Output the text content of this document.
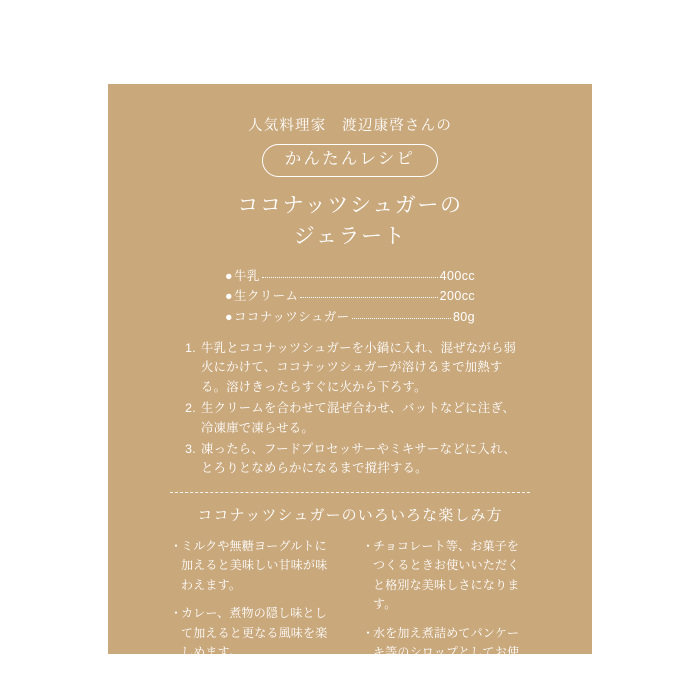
人気料理家　渡辺康啓さんの
かんたんレシピ
ココナッツシュガーの
ジェラート
● 牛乳	400cc
● 生クリーム	200cc
● ココナッツシュガー	80g
1. 牛乳とココナッツシュガーを小鍋に入れ、混ぜながら弱火にかけて、ココナッツシュガーが溶けるまで加熱する。溶けきったらすぐに火から下ろす。
2. 生クリームを合わせて混ぜ合わせ、バットなどに注ぎ、冷凍庫で凍らせる。
3. 凍ったら、フードプロセッサーやミキサーなどに入れ、とろりとなめらかになるまで撹拌する。
ココナッツシュガーのいろいろな楽しみ方
・
ミルクや無糖ヨーグルトに加えると美味しい甘味が味わえます。
・
カレー、煮物の隠し味として加えると更なる風味を楽しめます。
・
チョコレート等、お菓子をつくるときお使いいただくと格別な美味しさになります。
・
水を加え煮詰めてパンケーキ等のシロップとしてお使いいただけます。
